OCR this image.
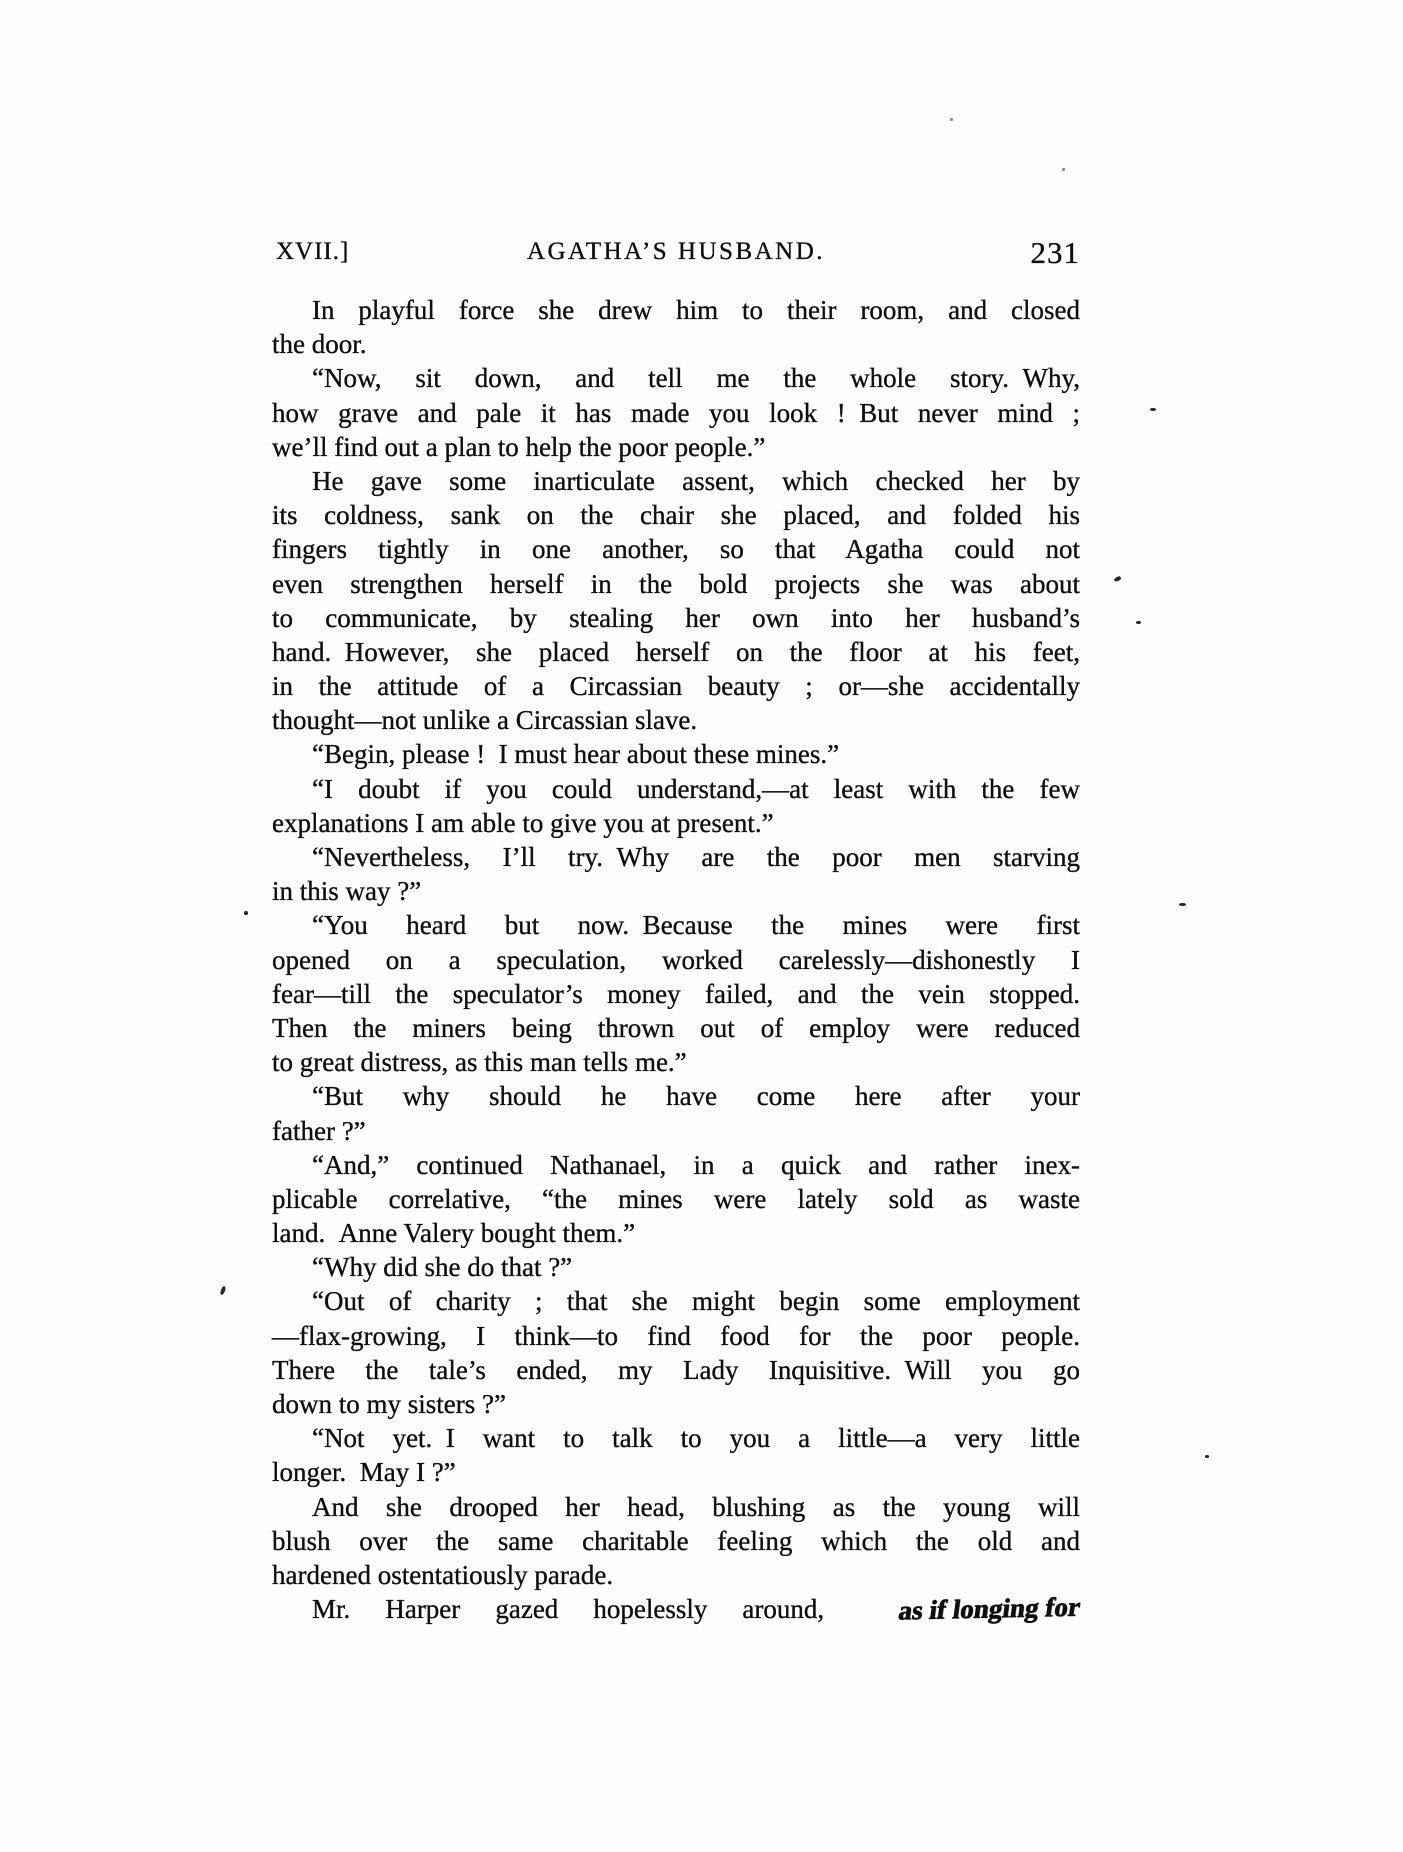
XVII.]	AGATHA’S HUSBAND.	231
In playful force she drew him to their room, and closed
the door.
“Now, sit down, and tell me the whole story. Why,
how grave and pale it has made you look ! But never mind ;
we’ll find out a plan to help the poor people.”
He gave some inarticulate assent, which checked her by
its coldness, sank on the chair she placed, and folded his
fingers tightly in one another, so that Agatha could not
even strengthen herself in the bold projects she was about
to communicate, by stealing her own into her husband’s
hand. However, she placed herself on the floor at his feet,
in the attitude of a Circassian beauty ; or—she accidentally
thought—not unlike a Circassian slave.
“Begin, please ! I must hear about these mines.”
“I doubt if you could understand,—at least with the few
explanations I am able to give you at present.”
“Nevertheless, I’ll try. Why are the poor men starving
in this way ?”
“You heard but now. Because the mines were first
opened on a speculation, worked carelessly—dishonestly I
fear—till the speculator’s money failed, and the vein stopped.
Then the miners being thrown out of employ were reduced
to great distress, as this man tells me.”
“But why should he have come here after your
father ?”
“And,” continued Nathanael, in a quick and rather inex-
plicable correlative, “the mines were lately sold as waste
land. Anne Valery bought them.”
“Why did she do that ?”
“Out of charity ; that she might begin some employment
—flax-growing, I think—to find food for the poor people.
There the tale’s ended, my Lady Inquisitive. Will you go
down to my sisters ?”
“Not yet. I want to talk to you a little—a very little
longer. May I ?”
And she drooped her head, blushing as the young will
blush over the same charitable feeling which the old and
hardened ostentatiously parade.
Mr. Harper gazed hopelessly around,	as if longing for
